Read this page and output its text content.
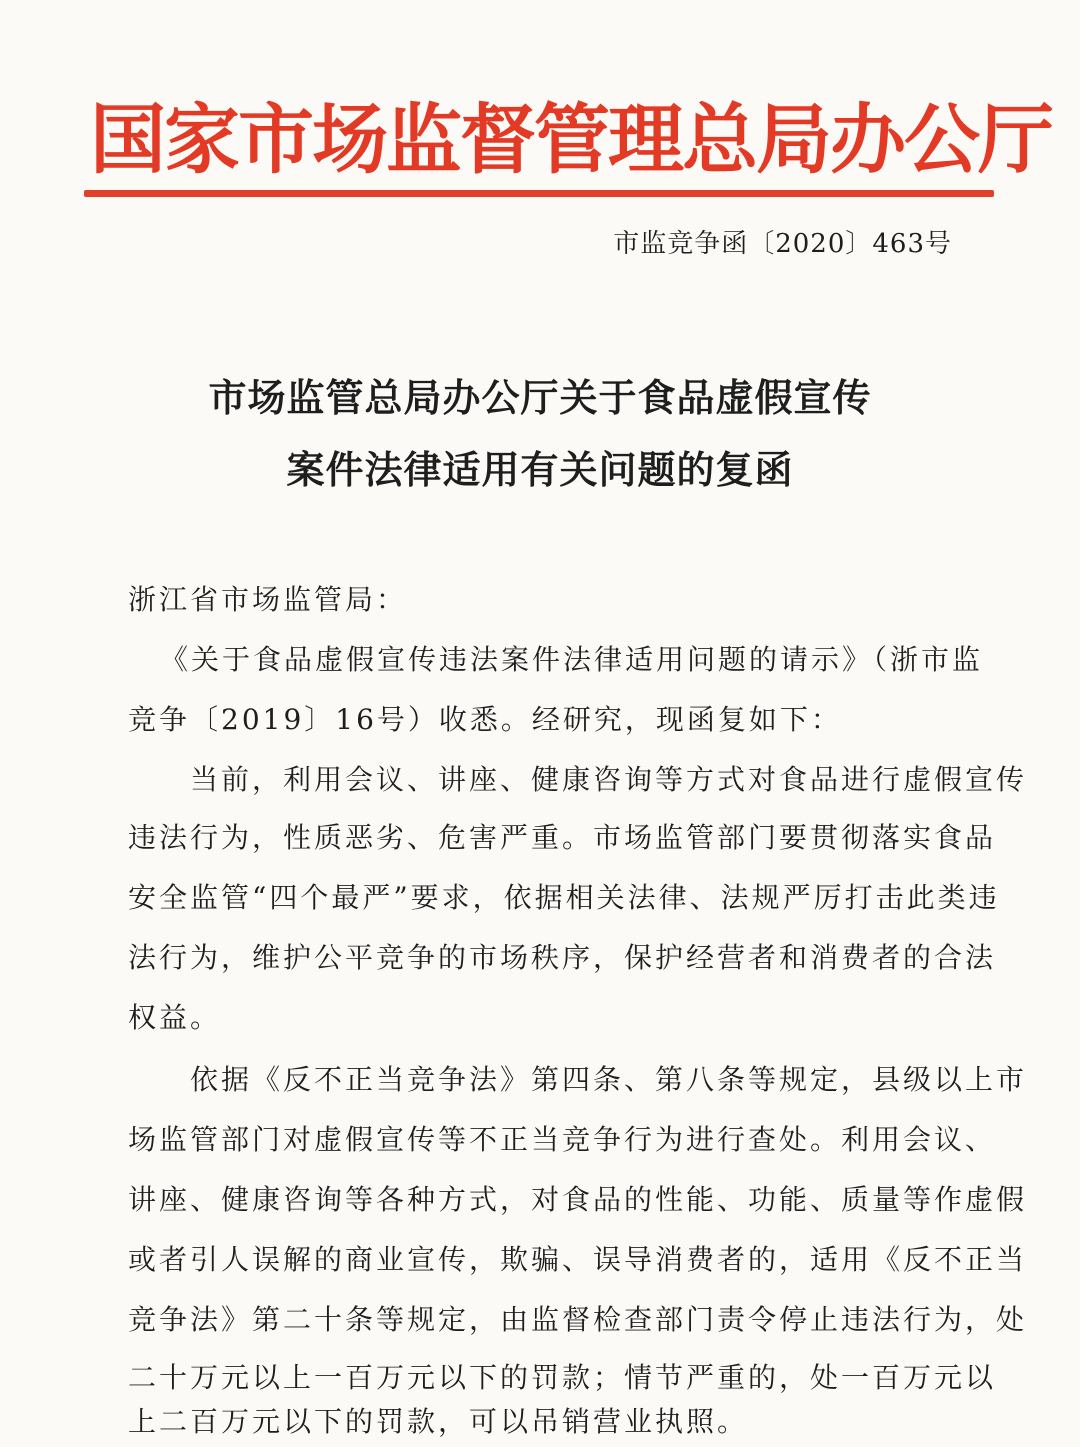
国家市场监督管理总局办公厅
市监竞争函〔2020〕463号
市场监管总局办公厅关于食品虚假宣传
案件法律适用有关问题的复函
浙江省市场监管局：
《关于食品虚假宣传违法案件法律适用问题的请示》（浙市监
竞争〔2019〕16号）收悉。经研究，现函复如下：
当前，利用会议、讲座、健康咨询等方式对食品进行虚假宣传
违法行为，性质恶劣、危害严重。市场监管部门要贯彻落实食品
安全监管“四个最严”要求，依据相关法律、法规严厉打击此类违
法行为，维护公平竞争的市场秩序，保护经营者和消费者的合法
权益。
依据《反不正当竞争法》第四条、第八条等规定，县级以上市
场监管部门对虚假宣传等不正当竞争行为进行查处。利用会议、
讲座、健康咨询等各种方式，对食品的性能、功能、质量等作虚假
或者引人误解的商业宣传，欺骗、误导消费者的，适用《反不正当
竞争法》第二十条等规定，由监督检查部门责令停止违法行为，处
二十万元以上一百万元以下的罚款；情节严重的，处一百万元以
上二百万元以下的罚款，可以吊销营业执照。
